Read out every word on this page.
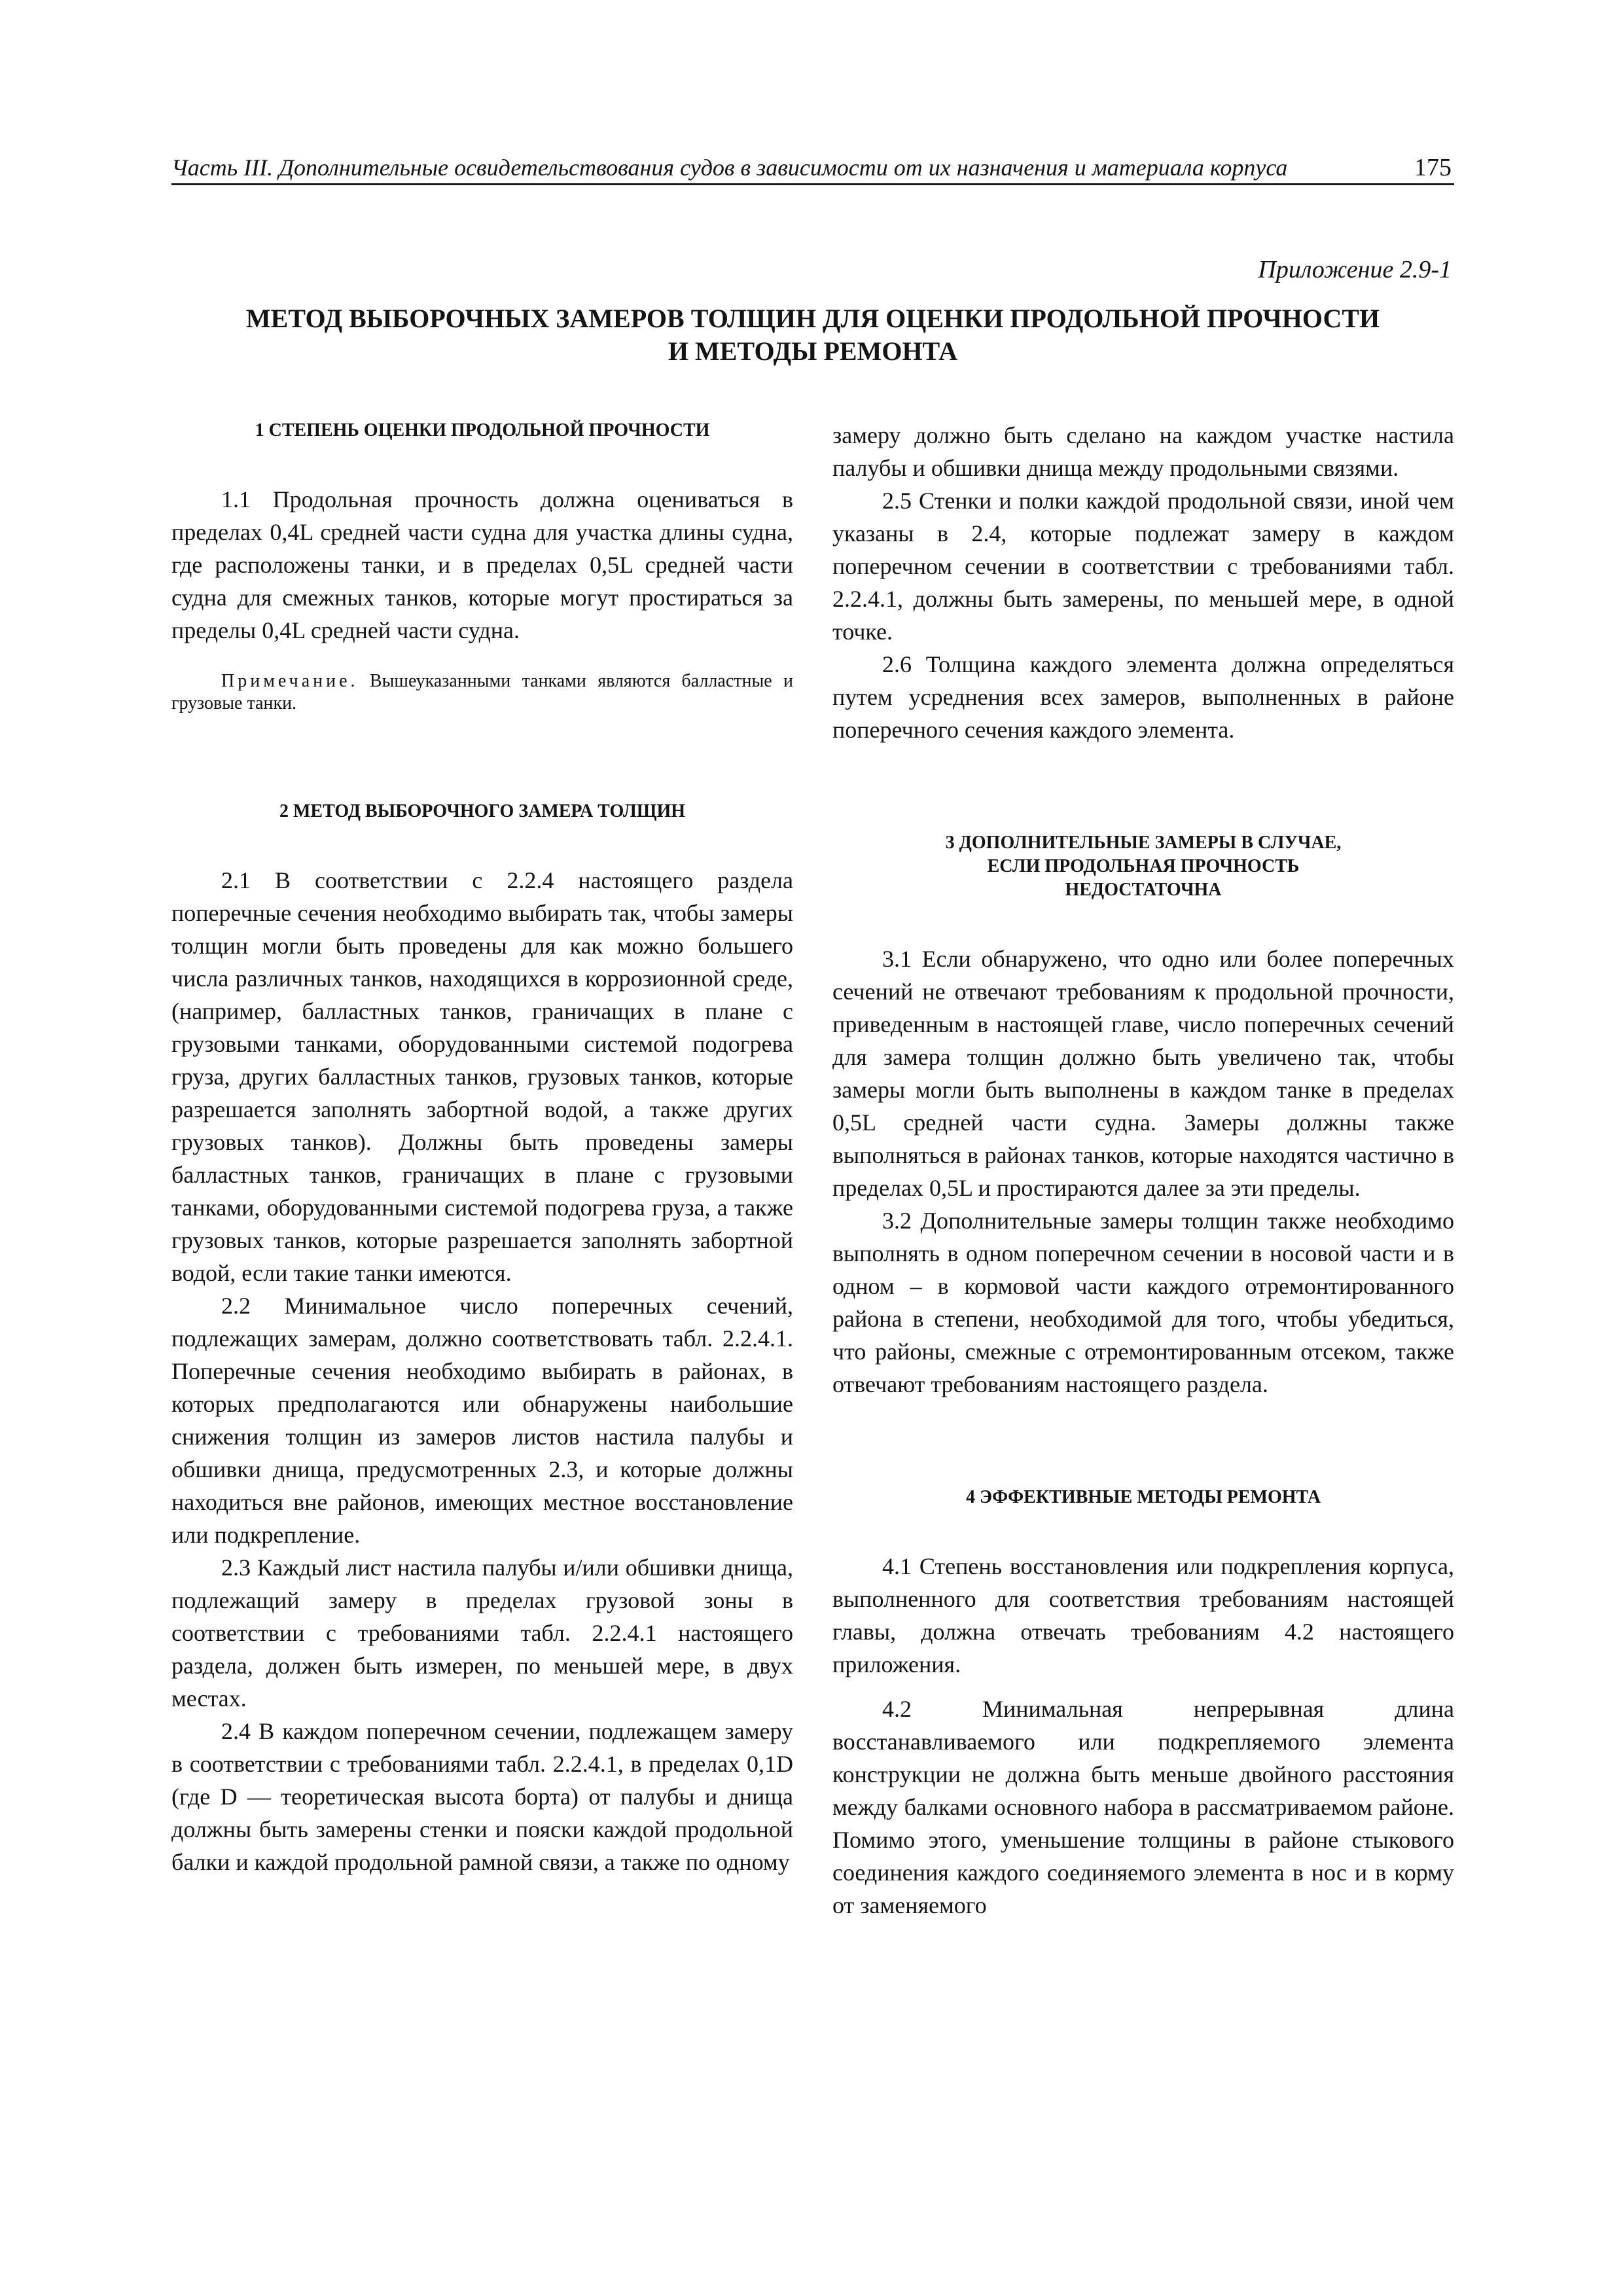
Часть III. Дополнительные освидетельствования судов в зависимости от их назначения и материала корпуса	175
Приложение 2.9-1
МЕТОД ВЫБОРОЧНЫХ ЗАМЕРОВ ТОЛЩИН ДЛЯ ОЦЕНКИ ПРОДОЛЬНОЙ ПРОЧНОСТИ
И МЕТОДЫ РЕМОНТА

1 СТЕПЕНЬ ОЦЕНКИ ПРОДОЛЬНОЙ ПРОЧНОСТИ

1.1 Продольная прочность должна оцениваться в пределах 0,4L средней части судна для участка длины судна, где расположены танки, и в пределах 0,5L средней части судна для смежных танков, которые могут простираться за пределы 0,4L средней части судна.

Примечание. Вышеуказанными танками являются балластные и грузовые танки.

2 МЕТОД ВЫБОРОЧНОГО ЗАМЕРА ТОЛЩИН

2.1 В соответствии с 2.2.4 настоящего раздела поперечные сечения необходимо выбирать так, чтобы замеры толщин могли быть проведены для как можно большего числа различных танков, находящихся в коррозионной среде, (например, балластных танков, граничащих в плане с грузовыми танками, оборудованными системой подогрева груза, других балластных танков, грузовых танков, которые разрешается заполнять забортной водой, а также других грузовых танков). Должны быть проведены замеры балластных танков, граничащих в плане с грузовыми танками, оборудованными системой подогрева груза, а также грузовых танков, которые разрешается заполнять забортной водой, если такие танки имеются.

2.2 Минимальное число поперечных сечений, подлежащих замерам, должно соответствовать табл. 2.2.4.1. Поперечные сечения необходимо выбирать в районах, в которых предполагаются или обнаружены наибольшие снижения толщин из замеров листов настила палубы и обшивки днища, предусмотренных 2.3, и которые должны находиться вне районов, имеющих местное восстановление или подкрепление.

2.3 Каждый лист настила палубы и/или обшивки днища, подлежащий замеру в пределах грузовой зоны в соответствии с требованиями табл. 2.2.4.1 настоящего раздела, должен быть измерен, по меньшей мере, в двух местах.

2.4 В каждом поперечном сечении, подлежащем замеру в соответствии с требованиями табл. 2.2.4.1, в пределах 0,1D (где D — теоретическая высота борта) от палубы и днища должны быть замерены стенки и пояски каждой продольной балки и каждой продольной рамной связи, а также по одному

замеру должно быть сделано на каждом участке настила палубы и обшивки днища между продольными связями.

2.5 Стенки и полки каждой продольной связи, иной чем указаны в 2.4, которые подлежат замеру в каждом поперечном сечении в соответствии с требованиями табл. 2.2.4.1, должны быть замерены, по меньшей мере, в одной точке.

2.6 Толщина каждого элемента должна определяться путем усреднения всех замеров, выполненных в районе поперечного сечения каждого элемента.

3 ДОПОЛНИТЕЛЬНЫЕ ЗАМЕРЫ В СЛУЧАЕ,
ЕСЛИ ПРОДОЛЬНАЯ ПРОЧНОСТЬ
НЕДОСТАТОЧНА

3.1 Если обнаружено, что одно или более поперечных сечений не отвечают требованиям к продольной прочности, приведенным в настоящей главе, число поперечных сечений для замера толщин должно быть увеличено так, чтобы замеры могли быть выполнены в каждом танке в пределах 0,5L средней части судна. Замеры должны также выполняться в районах танков, которые находятся частично в пределах 0,5L и простираются далее за эти пределы.

3.2 Дополнительные замеры толщин также необходимо выполнять в одном поперечном сечении в носовой части и в одном – в кормовой части каждого отремонтированного района в степени, необходимой для того, чтобы убедиться, что районы, смежные с отремонтированным отсеком, также отвечают требованиям настоящего раздела.

4 ЭФФЕКТИВНЫЕ МЕТОДЫ РЕМОНТА

4.1 Степень восстановления или подкрепления корпуса, выполненного для соответствия требованиям настоящей главы, должна отвечать требованиям 4.2 настоящего приложения.

4.2	Минимальная непрерывная длина восстанавливаемого или подкрепляемого элемента конструкции не должна быть меньше двойного расстояния между балками основного набора в рассматриваемом районе. Помимо этого, уменьшение толщины в районе стыкового соединения каждого соединяемого элемента в нос и в корму от заменяемого
